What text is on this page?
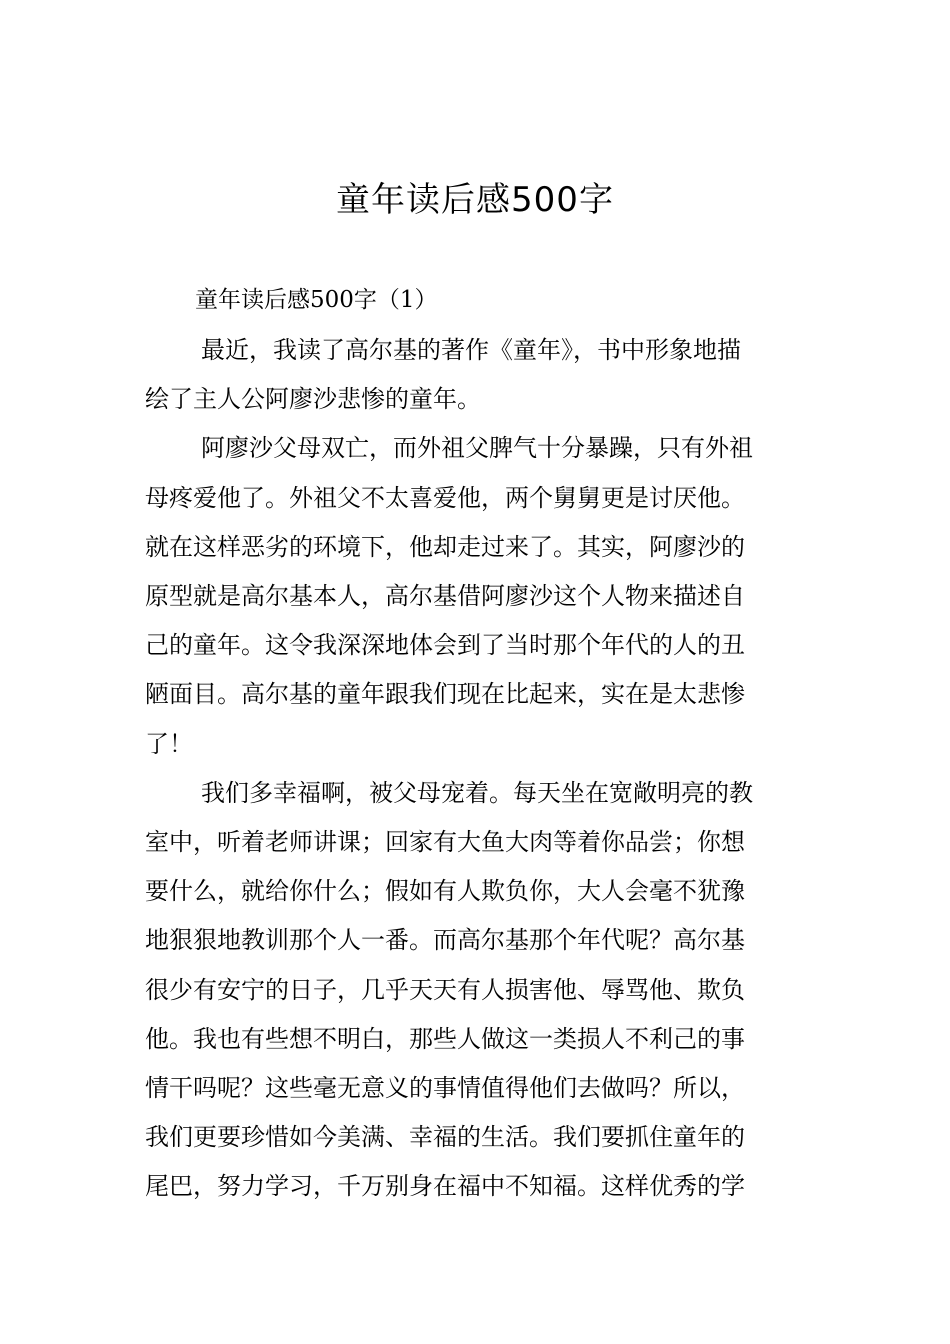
童年读后感500字

童年读后感500字（1）

最近，我读了高尔基的著作《童年》，书中形象地描
绘了主人公阿廖沙悲惨的童年。

阿廖沙父母双亡，而外祖父脾气十分暴躁，只有外祖
母疼爱他了。外祖父不太喜爱他，两个舅舅更是讨厌他。
就在这样恶劣的环境下，他却走过来了。其实，阿廖沙的
原型就是高尔基本人，高尔基借阿廖沙这个人物来描述自
己的童年。这令我深深地体会到了当时那个年代的人的丑
陋面目。高尔基的童年跟我们现在比起来，实在是太悲惨
了！

我们多幸福啊，被父母宠着。每天坐在宽敞明亮的教
室中，听着老师讲课；回家有大鱼大肉等着你品尝；你想
要什么，就给你什么；假如有人欺负你，大人会毫不犹豫
地狠狠地教训那个人一番。而高尔基那个年代呢？高尔基
很少有安宁的日子，几乎天天有人损害他、辱骂他、欺负
他。我也有些想不明白，那些人做这一类损人不利己的事
情干吗呢？这些毫无意义的事情值得他们去做吗？所以，
我们更要珍惜如今美满、幸福的生活。我们要抓住童年的
尾巴，努力学习，千万别身在福中不知福。这样优秀的学
